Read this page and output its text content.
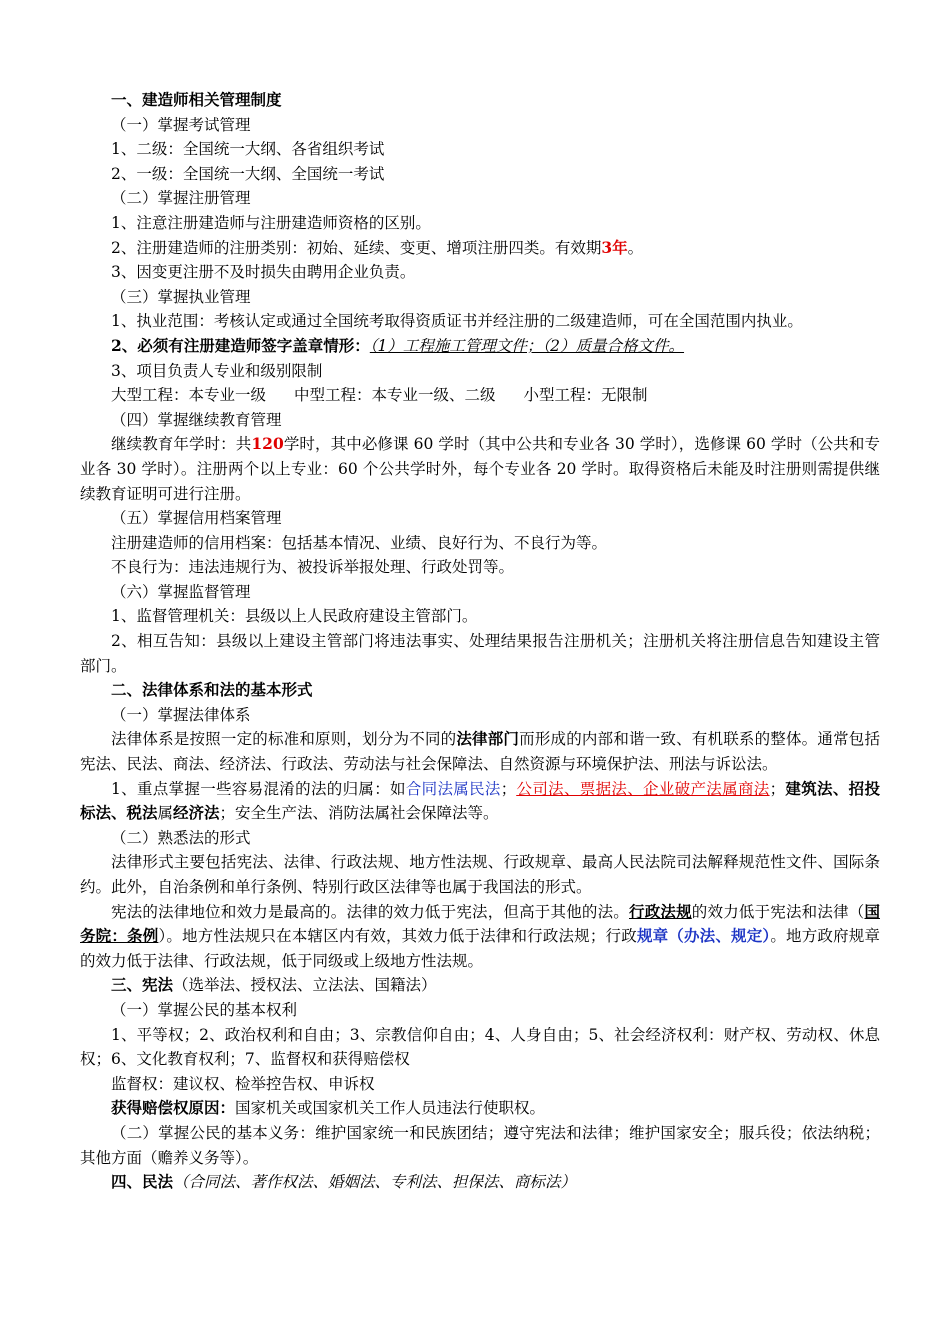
一、建造师相关管理制度

（一）掌握考试管理

1、二级：全国统一大纲、各省组织考试

2、一级：全国统一大纲、全国统一考试

（二）掌握注册管理

1、注意注册建造师与注册建造师资格的区别。

2、注册建造师的注册类别：初始、延续、变更、增项注册四类。有效期3年。

3、因变更注册不及时损失由聘用企业负责。

（三）掌握执业管理

1、执业范围：考核认定或通过全国统考取得资质证书并经注册的二级建造师，可在全国范围内执业。

2、必须有注册建造师签字盖章情形：（1）工程施工管理文件；（2）质量合格文件。

3、项目负责人专业和级别限制

大型工程：本专业一级 中型工程：本专业一级、二级 小型工程：无限制

（四）掌握继续教育管理

继续教育年学时：共120学时，其中必修课 60 学时（其中公共和专业各 30 学时），选修课 60 学时（公共和专业各 30 学时）。注册两个以上专业：60 个公共学时外，每个专业各 20 学时。取得资格后未能及时注册则需提供继续教育证明可进行注册。

（五）掌握信用档案管理

注册建造师的信用档案：包括基本情况、业绩、良好行为、不良行为等。

不良行为：违法违规行为、被投诉举报处理、行政处罚等。

（六）掌握监督管理

1、监督管理机关：县级以上人民政府建设主管部门。

2、相互告知：县级以上建设主管部门将违法事实、处理结果报告注册机关；注册机关将注册信息告知建设主管部门。

二、法律体系和法的基本形式

（一）掌握法律体系

法律体系是按照一定的标准和原则，划分为不同的法律部门而形成的内部和谐一致、有机联系的整体。通常包括宪法、民法、商法、经济法、行政法、劳动法与社会保障法、自然资源与环境保护法、刑法与诉讼法。

1、重点掌握一些容易混淆的法的归属：如合同法属民法；公司法、票据法、企业破产法属商法；建筑法、招投标法、税法属经济法；安全生产法、消防法属社会保障法等。

（二）熟悉法的形式

法律形式主要包括宪法、法律、行政法规、地方性法规、行政规章、最高人民法院司法解释规范性文件、国际条约。此外，自治条例和单行条例、特别行政区法律等也属于我国法的形式。

宪法的法律地位和效力是最高的。法律的效力低于宪法，但高于其他的法。行政法规的效力低于宪法和法律（国务院：条例）。地方性法规只在本辖区内有效，其效力低于法律和行政法规；行政规章（办法、规定）。地方政府规章的效力低于法律、行政法规，低于同级或上级地方性法规。

三、宪法（选举法、授权法、立法法、国籍法）

（一）掌握公民的基本权利

1、平等权；2、政治权利和自由；3、宗教信仰自由；4、人身自由；5、社会经济权利：财产权、劳动权、休息权；6、文化教育权利；7、监督权和获得赔偿权

监督权：建议权、检举控告权、申诉权

获得赔偿权原因：国家机关或国家机关工作人员违法行使职权。

（二）掌握公民的基本义务：维护国家统一和民族团结；遵守宪法和法律；维护国家安全；服兵役；依法纳税；其他方面（赡养义务等）。

四、民法（合同法、著作权法、婚姻法、专利法、担保法、商标法）
